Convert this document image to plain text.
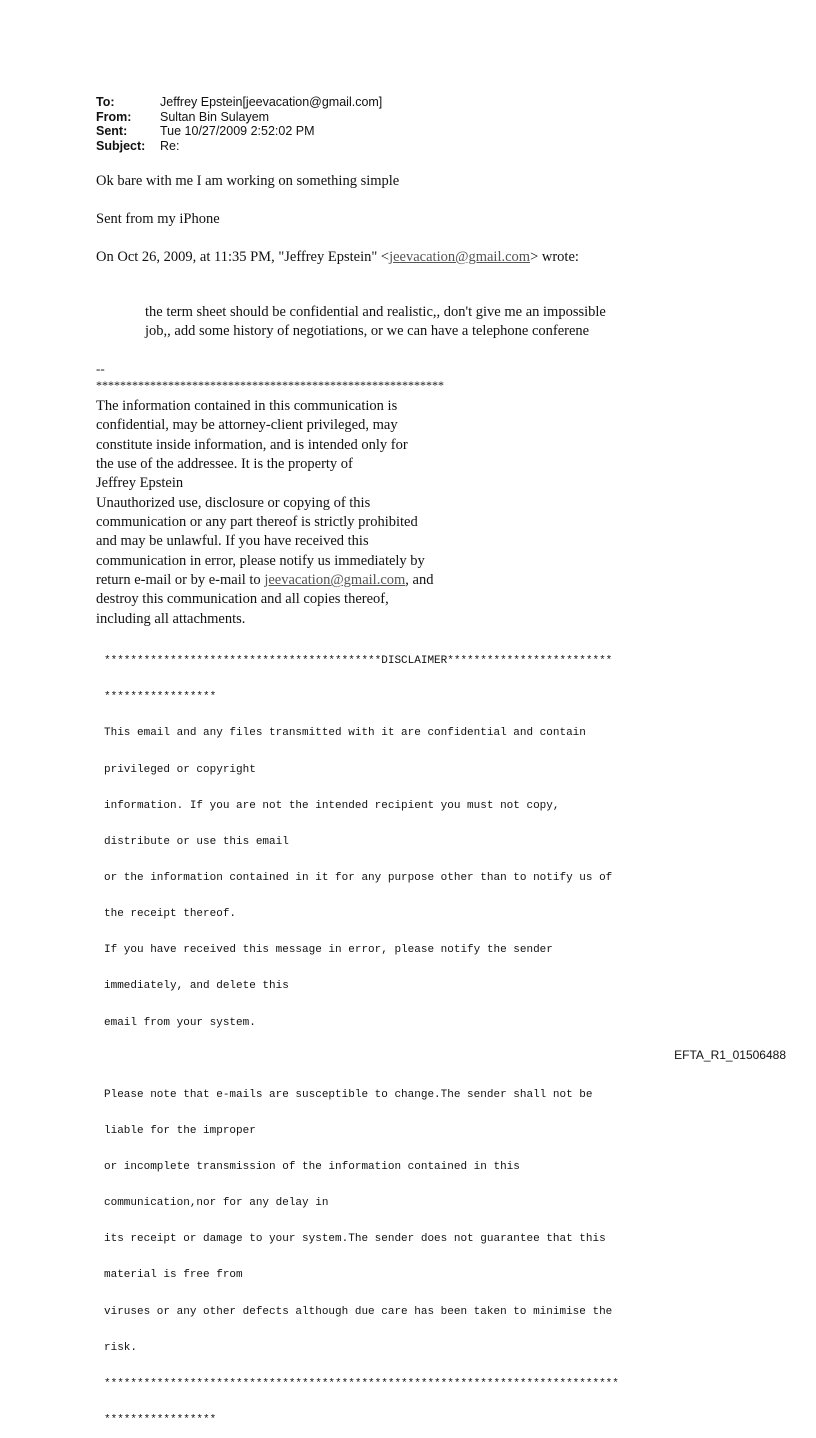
To:	Jeffrey Epstein[jeevacation@gmail.com]
From:	Sultan Bin Sulayem
Sent:	Tue 10/27/2009 2:52:02 PM
Subject:	Re:

Ok bare with me I am working on something simple

Sent from my iPhone

On Oct 26, 2009, at 11:35 PM, "Jeffrey Epstein" <jeevacation@gmail.com> wrote:

the term sheet should be confidential and realistic,, don't give me an impossible
job,, add some history of negotiations, or we can have a telephone conferene
--
**********************************************************
The information contained in this communication is
confidential, may be attorney-client privileged, may
constitute inside information, and is intended only for
the use of the addressee. It is the property of
Jeffrey Epstein
Unauthorized use, disclosure or copying of this
communication or any part thereof is strictly prohibited
and may be unlawful. If you have received this
communication in error, please notify us immediately by
return e-mail or by e-mail to jeevacation@gmail.com, and
destroy this communication and all copies thereof,
including all attachments.

******************************************DISCLAIMER*************************

*****************

This email and any files transmitted with it are confidential and contain

privileged or copyright

information. If you are not the intended recipient you must not copy,

distribute or use this email

or the information contained in it for any purpose other than to notify us of

the receipt thereof.

If you have received this message in error, please notify the sender

immediately, and delete this

email from your system.

Please note that e-mails are susceptible to change.The sender shall not be

liable for the improper

or incomplete transmission of the information contained in this

communication,nor for any delay in

its receipt or damage to your system.The sender does not guarantee that this

material is free from

viruses or any other defects although due care has been taken to minimise the

risk.

******************************************************************************

*****************

EFTA_R1_01506488
